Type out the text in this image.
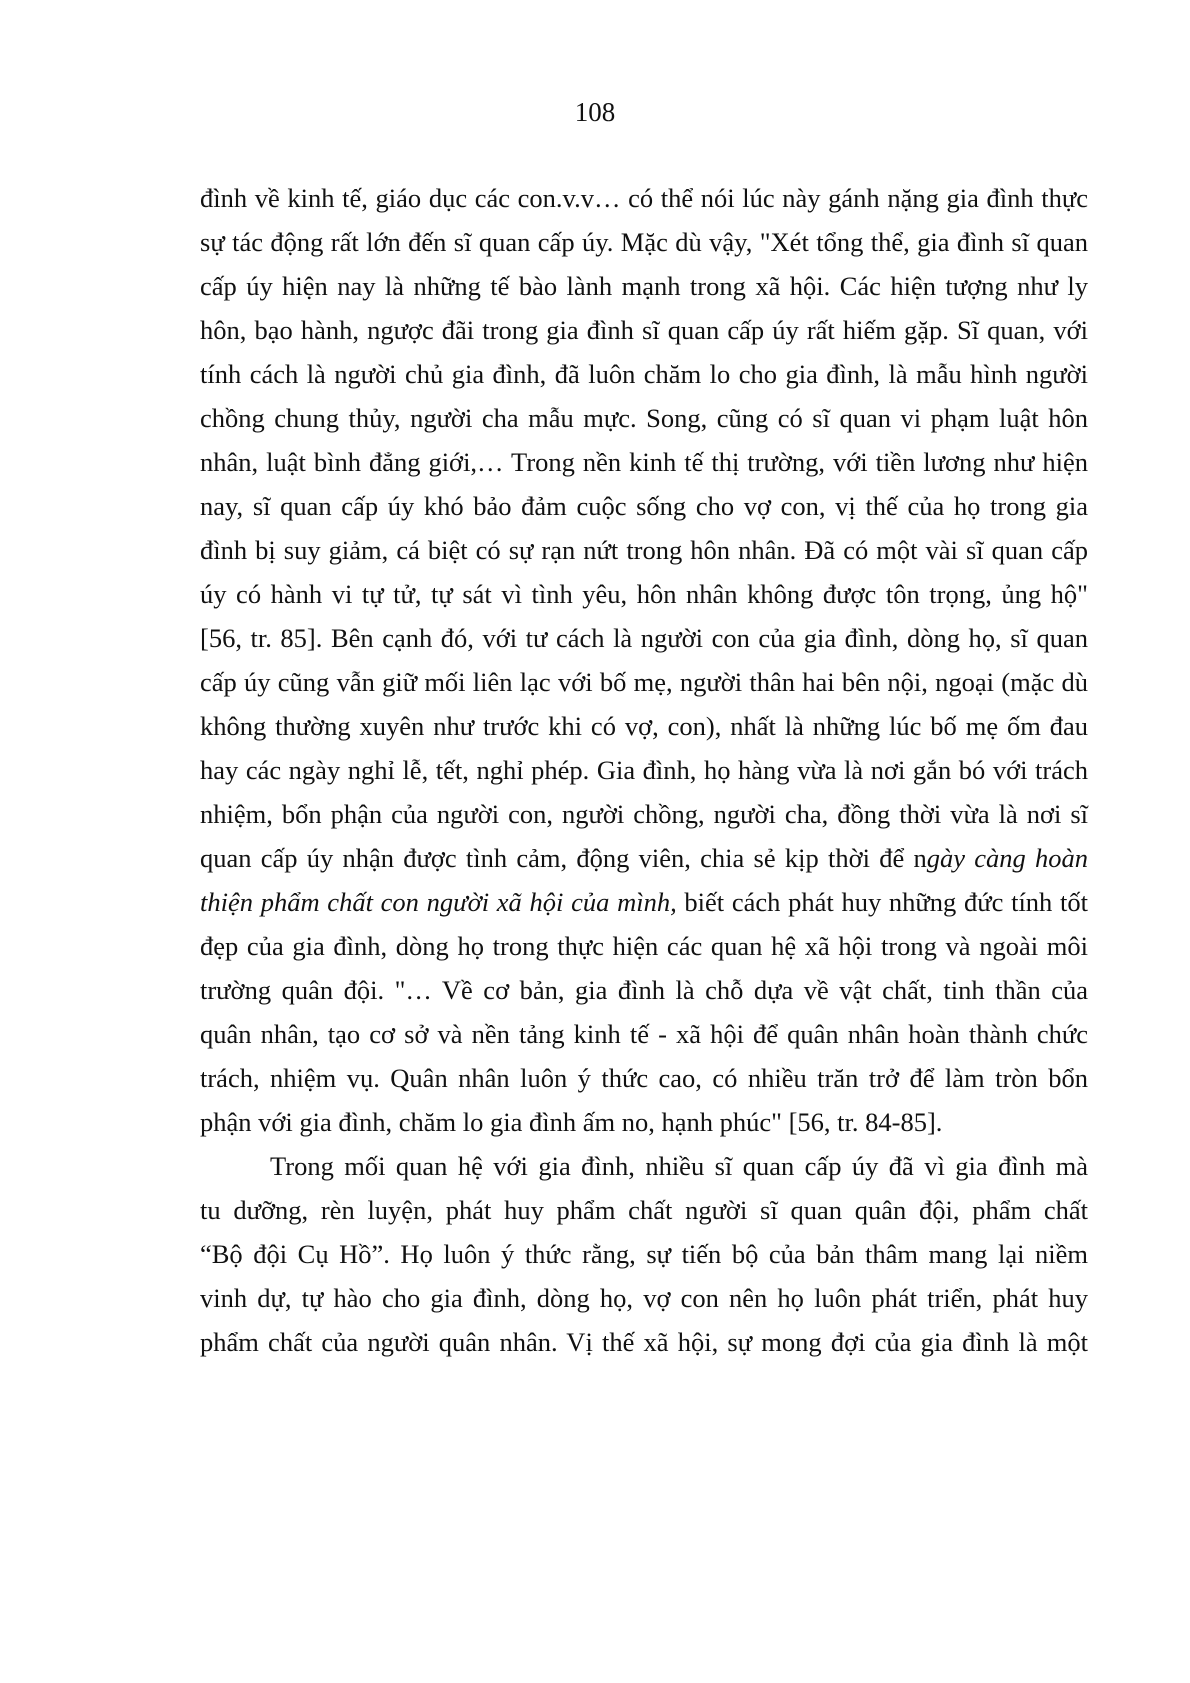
108
đình về kinh tế, giáo dục các con.v.v… có thể nói lúc này gánh nặng gia đình thực
sự tác động rất lớn đến sĩ quan cấp úy. Mặc dù vậy, "Xét tổng thể, gia đình sĩ quan
cấp úy hiện nay là những tế bào lành mạnh trong xã hội. Các hiện tượng như ly
hôn, bạo hành, ngược đãi trong gia đình sĩ quan cấp úy rất hiếm gặp. Sĩ quan, với
tính cách là người chủ gia đình, đã luôn chăm lo cho gia đình, là mẫu hình người
chồng chung thủy, người cha mẫu mực. Song, cũng có sĩ quan vi phạm luật hôn
nhân, luật bình đẳng giới,… Trong nền kinh tế thị trường, với tiền lương như hiện
nay, sĩ quan cấp úy khó bảo đảm cuộc sống cho vợ con, vị thế của họ trong gia
đình bị suy giảm, cá biệt có sự rạn nứt trong hôn nhân. Đã có một vài sĩ quan cấp
úy có hành vi tự tử, tự sát vì tình yêu, hôn nhân không được tôn trọng, ủng hộ"
[56, tr. 85]. Bên cạnh đó, với tư cách là người con của gia đình, dòng họ, sĩ quan
cấp úy cũng vẫn giữ mối liên lạc với bố mẹ, người thân hai bên nội, ngoại (mặc dù
không thường xuyên như trước khi có vợ, con), nhất là những lúc bố mẹ ốm đau
hay các ngày nghỉ lễ, tết, nghỉ phép. Gia đình, họ hàng vừa là nơi gắn bó với trách
nhiệm, bổn phận của người con, người chồng, người cha, đồng thời vừa là nơi sĩ
quan cấp úy nhận được tình cảm, động viên, chia sẻ kịp thời để ngày càng hoàn
thiện phẩm chất con người xã hội của mình, biết cách phát huy những đức tính tốt
đẹp của gia đình, dòng họ trong thực hiện các quan hệ xã hội trong và ngoài môi
trường quân đội. "… Về cơ bản, gia đình là chỗ dựa về vật chất, tinh thần của
quân nhân, tạo cơ sở và nền tảng kinh tế - xã hội để quân nhân hoàn thành chức
trách, nhiệm vụ. Quân nhân luôn ý thức cao, có nhiều trăn trở để làm tròn bổn
phận với gia đình, chăm lo gia đình ấm no, hạnh phúc" [56, tr. 84-85].
Trong mối quan hệ với gia đình, nhiều sĩ quan cấp úy đã vì gia đình mà
tu dưỡng, rèn luyện, phát huy phẩm chất người sĩ quan quân đội, phẩm chất
“Bộ đội Cụ Hồ”. Họ luôn ý thức rằng, sự tiến bộ của bản thâm mang lại niềm
vinh dự, tự hào cho gia đình, dòng họ, vợ con nên họ luôn phát triển, phát huy
phẩm chất của người quân nhân. Vị thế xã hội, sự mong đợi của gia đình là một
